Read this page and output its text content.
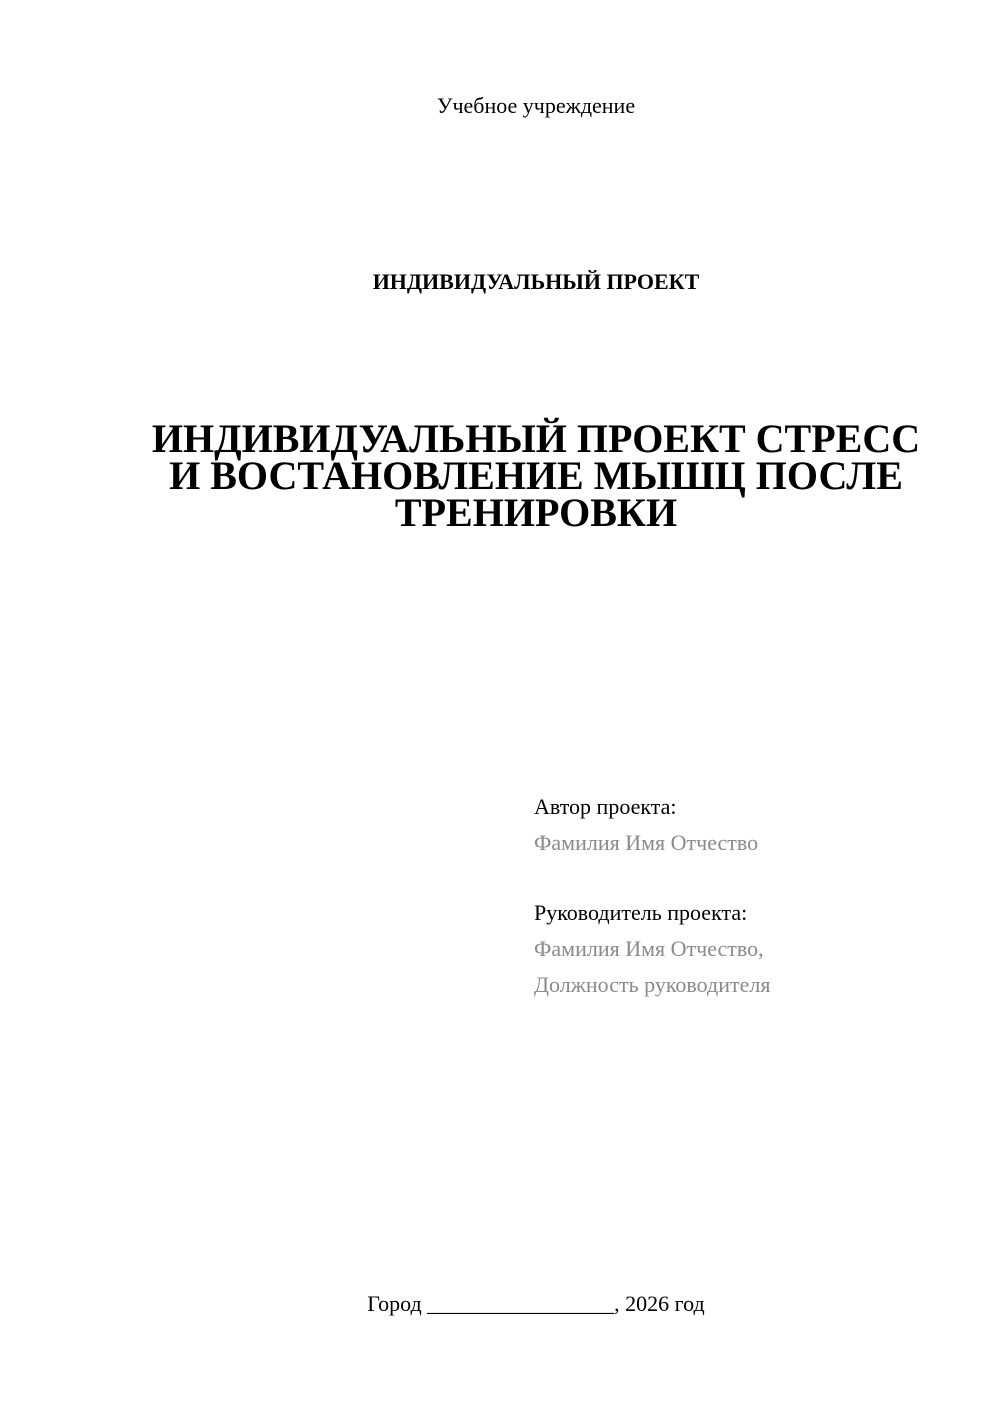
Учебное учреждение
ИНДИВИДУАЛЬНЫЙ ПРОЕКТ
ИНДИВИДУАЛЬНЫЙ ПРОЕКТ СТРЕСС
И ВОСТАНОВЛЕНИЕ МЫШЦ ПОСЛЕ
ТРЕНИРОВКИ
Автор проекта:
Фамилия Имя Отчество
Руководитель проекта:
Фамилия Имя Отчество,
Должность руководителя
Город _________________, 2026 год
